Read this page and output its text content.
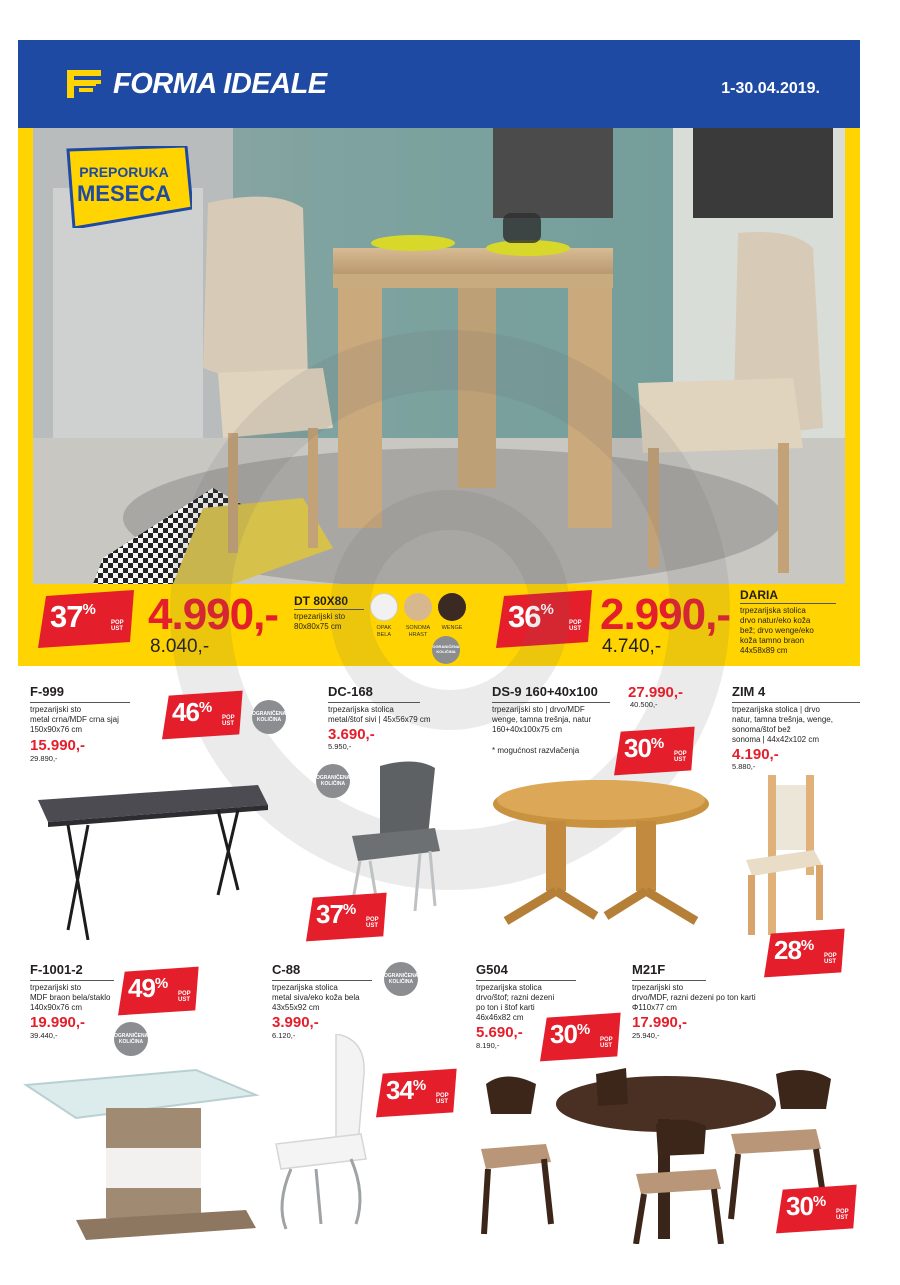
FORMA IDEALE	1-30.04.2019.
PREPORUKA
MESECA
37%
POP
UST 4.990,-
8.040,-
DT 80X80
trpezarijski sto
80x80x75 cm	OPAK
BELA
SONOMA
HRAST
WENGE
OGRANIČENA
KOLIČINA
36%
POP
UST 2.990,-
4.740,-
DARIA
trpezarijska stolica
drvo natur/eko koža
bež; drvo wenge/eko
koža tamno braon
44x58x89 cm
F-999
trpezarijski sto
metal crna/MDF crna sjaj
150x90x76 cm
15.990,-
29.890,-
46%
POP
UST
OGRANIČENA
KOLIČINA
DC-168
trpezarijska stolica
metal/štof sivi | 45x56x79 cm
3.690,-
5.950,-
OGRANIČENA
KOLIČINA
37%
POP
UST
DS-9 160+40x100
trpezarijski sto | drvo/MDF
wenge, tamna trešnja, natur
160+40x100x75 cm
* mogućnost razvlačenja
27.990,-
40.500,-
30%
POP
UST
ZIM 4
trpezarijska stolica | drvo
natur, tamna trešnja, wenge,
sonoma/štof bež
sonoma | 44x42x102 cm
4.190,-
5.880,-
28%
POP
UST
F-1001-2
trpezarijski sto
MDF braon bela/staklo
140x90x76 cm
19.990,-
39.440,-
49%
POP
UST
OGRANIČENA
KOLIČINA
C-88
trpezarijska stolica
metal siva/eko koža bela
43x55x92 cm
3.990,-
6.120,-
OGRANIČENA
KOLIČINA
34%
POP
UST
G504
trpezarijska stolica
drvo/štof; razni dezeni
po ton i štof karti
46x46x82 cm
5.690,-
8.190,- 30%
POP
UST
M21F
trpezarijski sto
drvo/MDF, razni dezeni po ton karti
Φ110x77 cm
17.990,-
25.940,-
30%
POP
UST
